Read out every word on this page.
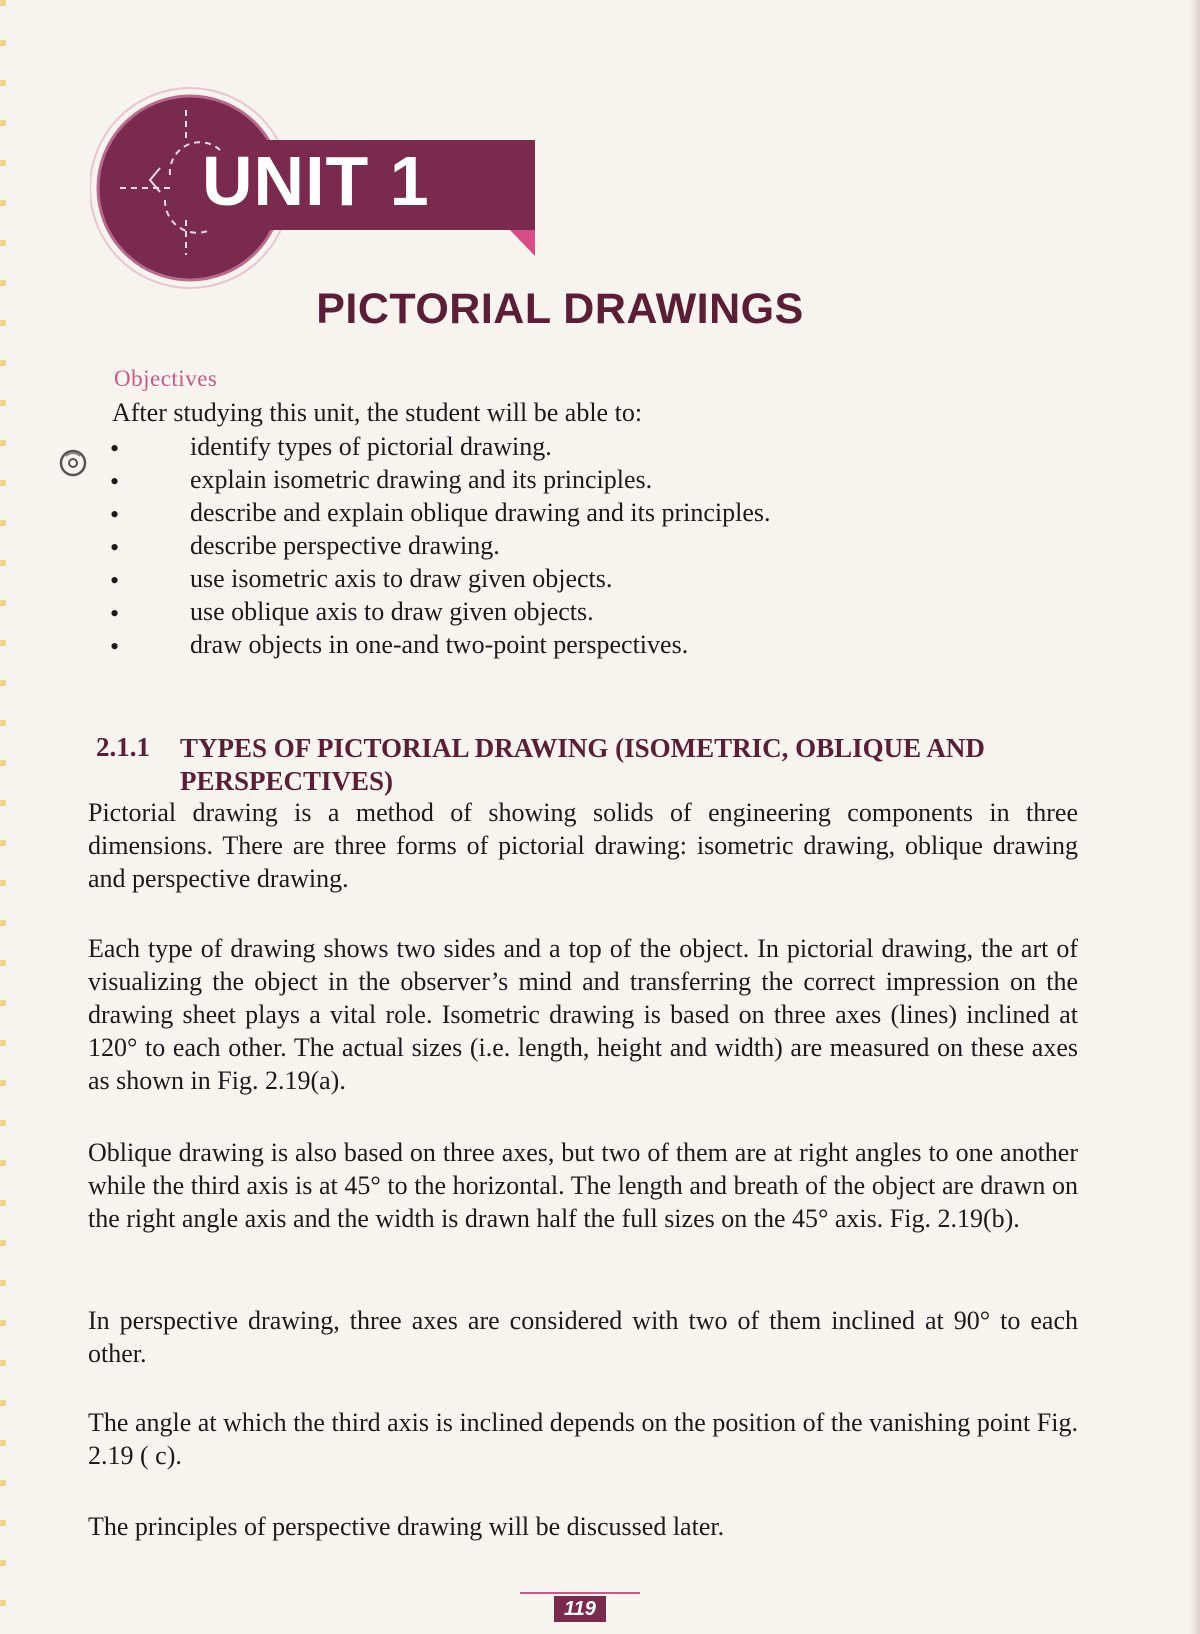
UNIT 1
PICTORIAL DRAWINGS
Objectives
After studying this unit, the student will be able to:
•	identify types of pictorial drawing.
•	explain isometric drawing and its principles.
•	describe and explain oblique drawing and its principles.
•	describe perspective drawing.
•	use isometric axis to draw given objects.
•	use oblique axis to draw given objects.
•	draw objects in one-and two-point perspectives.
2.1.1 TYPES OF PICTORIAL DRAWING (ISOMETRIC, OBLIQUE AND PERSPECTIVES)
Pictorial drawing is a method of showing solids of engineering components in three dimensions. There are three forms of pictorial drawing: isometric drawing, oblique drawing and perspective drawing.
Each type of drawing shows two sides and a top of the object. In pictorial drawing, the art of visualizing the object in the observer’s mind and transferring the correct impression on the drawing sheet plays a vital role. Isometric drawing is based on three axes (lines) inclined at 120° to each other. The actual sizes (i.e. length, height and width) are measured on these axes as shown in Fig. 2.19(a).
Oblique drawing is also based on three axes, but two of them are at right angles to one another while the third axis is at 45° to the horizontal. The length and breath of the object are drawn on the right angle axis and the width is drawn half the full sizes on the 45° axis. Fig. 2.19(b).
In perspective drawing, three axes are considered with two of them inclined at 90° to each other.
The angle at which the third axis is inclined depends on the position of the vanishing point Fig. 2.19 ( c).
The principles of perspective drawing will be discussed later.
119
